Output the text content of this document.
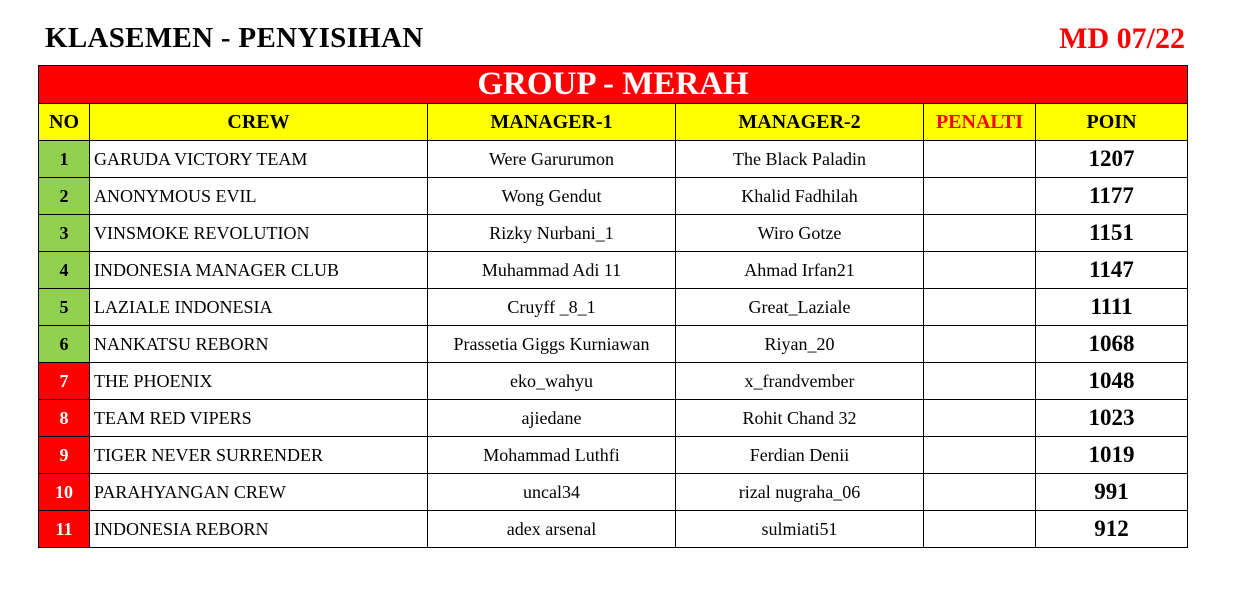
KLASEMEN - PENYISIHAN	MD 07/22
GROUP - MERAH					
NO	CREW	MANAGER-1	MANAGER-2	PENALTI	POIN
1	GARUDA VICTORY TEAM	Were Garurumon	The Black Paladin		1207
2	ANONYMOUS EVIL	Wong Gendut	Khalid Fadhilah		1177
3	VINSMOKE REVOLUTION	Rizky Nurbani_1	Wiro Gotze		1151
4	INDONESIA MANAGER CLUB	Muhammad Adi 11	Ahmad Irfan21		1147
5	LAZIALE INDONESIA	Cruyff _8_1	Great_Laziale		1111
6	NANKATSU REBORN	Prassetia Giggs Kurniawan	Riyan_20		1068
7	THE PHOENIX	eko_wahyu	x_frandvember		1048
8	TEAM RED VIPERS	ajiedane	Rohit Chand 32		1023
9	TIGER NEVER SURRENDER	Mohammad Luthfi	Ferdian Denii		1019
10	PARAHYANGAN CREW	uncal34	rizal nugraha_06		991
11	INDONESIA REBORN	adex arsenal	sulmiati51		912
